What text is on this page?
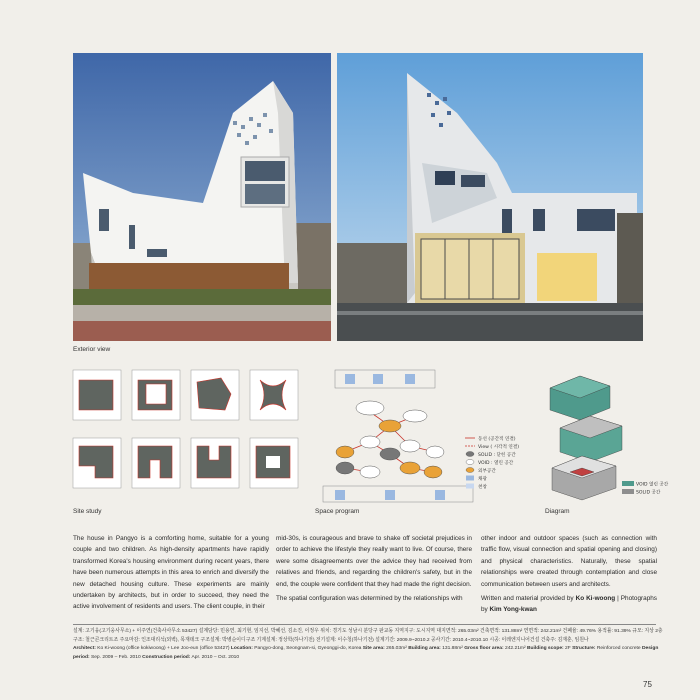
Exterior view
Site study
동선 (공간적 연결)
View ( 시각적 연결)
SOLID : 닫힌 공간
VOID : 열린 공간
외부공간
채광
천창
Space program
VOID 열린 공간
SOLID 공간
Diagram

The house in Pangyo is a comforting home, suitable for a young couple and two children. As high-density apartments have rapidly transformed Korea's housing environment during recent years, there have been numerous attempts in this area to enrich and diversify the new detached housing culture. These experiments are mainly undertaken by architects, but in order to succeed, they need the active involvement of residents and users. The client couple, in their

mid-30s, is courageous and brave to shake off societal prejudices in order to achieve the lifestyle they really want to live. Of course, there were some disagreements over the advice they had received from relatives and friends, and regarding the children's safety, but in the end, the couple were confident that they had made the right decision.

The spatial configuration was determined by the relationships with

other indoor and outdoor spaces (such as connection with traffic flow, visual connection and spatial opening and closing) and physical characteristics. Naturally, these spatial relationships were created through contemplation and close communication between users and architects.

Written and material provided by Ko Ki-woong | Photographs by Kim Yong-kwan

설계: 고기웅(고기웅사무소) + 이주연(건축사사무소 53427) 설계담당: 민용연, 최기현, 임지선, 박혜선, 김소진, 이정우 위치: 경기도 성남시 분당구 판교동 지역지구: 도시지역 대지면적: 265.03m² 건축면적: 131.88m² 연면적: 242.21m² 건폐율: 49.76% 용적률: 91.39% 규모: 지상 2층 구조: 철근콘크리트조 주요마감: 인조대리석(외벽), 목재데크 구조설계: 박병순이디구조 기계설계: 정상학(하나기전) 전기설계: 이수청(하나기전) 설계기간: 2009.9~2010.2 공사기간: 2010.4~2010.10 시공: 이레엔지니어건설 건축주: 김재훈, 임원나
Architect: Ko Ki-woong (office kokiwoong) + Lee Joo-eun (office 53427) Location: Pangyo-dong, Seongnam-si, Gyeonggi-do, Korea Site area: 265.03m² Building area: 131.88m² Gross floor area: 242.21m² Building scope: 2F Structure: Reinforced concrete Design period: Sep. 2009 – Feb. 2010 Construction period: Apr. 2010 – Oct. 2010
75
